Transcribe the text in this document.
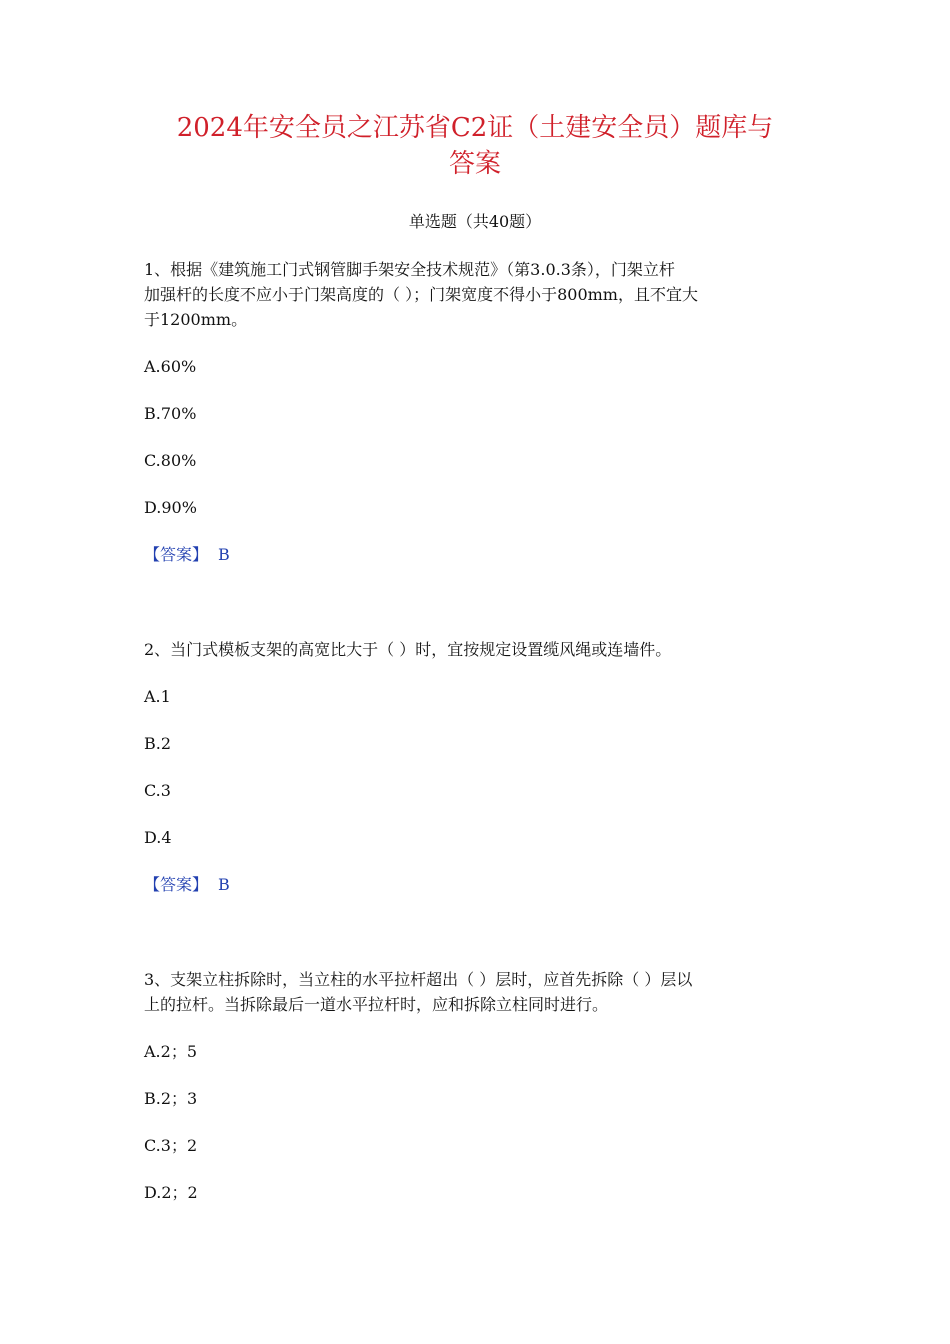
2024年安全员之江苏省C2证（土建安全员）题库与
答案
单选题（共40题）
1、根据《建筑施工门式钢管脚手架安全技术规范》（第3.0.3条），门架立杆
加强杆的长度不应小于门架高度的（ ）；门架宽度不得小于800mm，且不宜大
于1200mm。
A.60%
B.70%
C.80%
D.90%
【答案】 B
2、当门式模板支架的高宽比大于（ ）时，宜按规定设置缆风绳或连墙件。
A.1
B.2
C.3
D.4
【答案】 B
3、支架立柱拆除时，当立柱的水平拉杆超出（ ）层时，应首先拆除（ ）层以
上的拉杆。当拆除最后一道水平拉杆时，应和拆除立柱同时进行。
A.2；5
B.2；3
C.3；2
D.2；2
